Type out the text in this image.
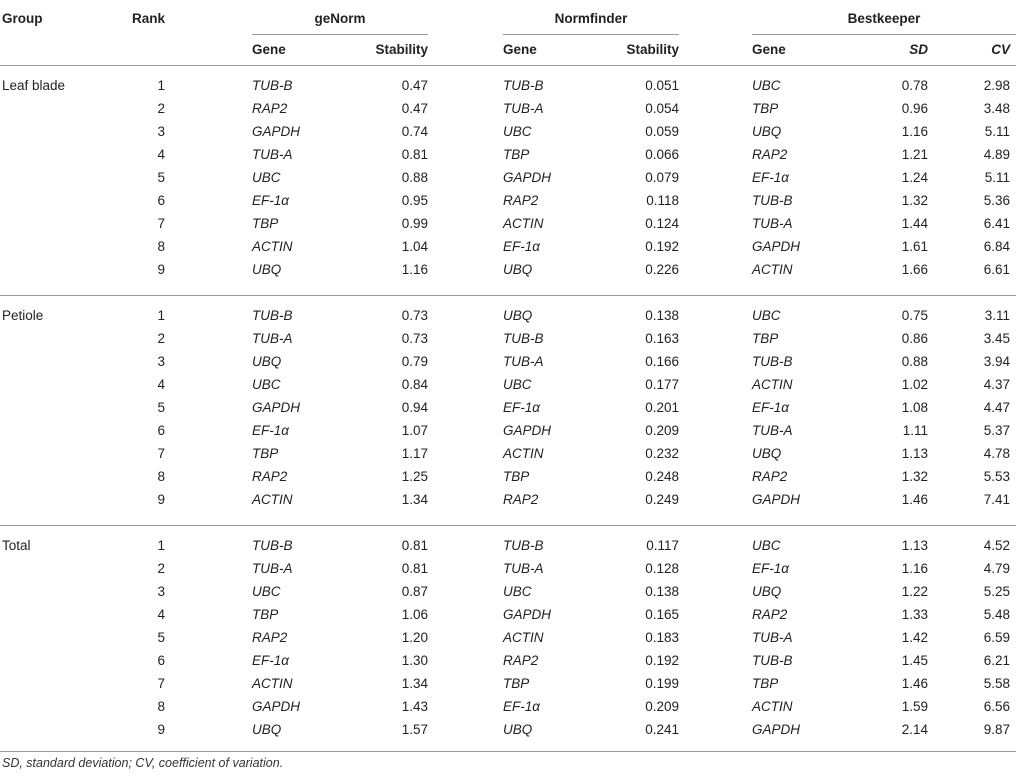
Group	Rank		geNorm			Normfinder			Bestkeeper		
			Gene	Stability		Gene	Stability		Gene	SD	CV
Leaf blade	1		TUB-B	0.47		TUB-B	0.051		UBC	0.78	2.98
	2		RAP2	0.47		TUB-A	0.054		TBP	0.96	3.48
	3		GAPDH	0.74		UBC	0.059		UBQ	1.16	5.11
	4		TUB-A	0.81		TBP	0.066		RAP2	1.21	4.89
	5		UBC	0.88		GAPDH	0.079		EF-1α	1.24	5.11
	6		EF-1α	0.95		RAP2	0.118		TUB-B	1.32	5.36
	7		TBP	0.99		ACTIN	0.124		TUB-A	1.44	6.41
	8		ACTIN	1.04		EF-1α	0.192		GAPDH	1.61	6.84
	9		UBQ	1.16		UBQ	0.226		ACTIN	1.66	6.61

Petiole	1		TUB-B	0.73		UBQ	0.138		UBC	0.75	3.11
	2		TUB-A	0.73		TUB-B	0.163		TBP	0.86	3.45
	3		UBQ	0.79		TUB-A	0.166		TUB-B	0.88	3.94
	4		UBC	0.84		UBC	0.177		ACTIN	1.02	4.37
	5		GAPDH	0.94		EF-1α	0.201		EF-1α	1.08	4.47
	6		EF-1α	1.07		GAPDH	0.209		TUB-A	1.11	5.37
	7		TBP	1.17		ACTIN	0.232		UBQ	1.13	4.78
	8		RAP2	1.25		TBP	0.248		RAP2	1.32	5.53
	9		ACTIN	1.34		RAP2	0.249		GAPDH	1.46	7.41

Total	1		TUB-B	0.81		TUB-B	0.117		UBC	1.13	4.52
	2		TUB-A	0.81		TUB-A	0.128		EF-1α	1.16	4.79
	3		UBC	0.87		UBC	0.138		UBQ	1.22	5.25
	4		TBP	1.06		GAPDH	0.165		RAP2	1.33	5.48
	5		RAP2	1.20		ACTIN	0.183		TUB-A	1.42	6.59
	6		EF-1α	1.30		RAP2	0.192		TUB-B	1.45	6.21
	7		ACTIN	1.34		TBP	0.199		TBP	1.46	5.58
	8		GAPDH	1.43		EF-1α	0.209		ACTIN	1.59	6.56
	9		UBQ	1.57		UBQ	0.241		GAPDH	2.14	9.87
SD, standard deviation; CV, coefficient of variation.
